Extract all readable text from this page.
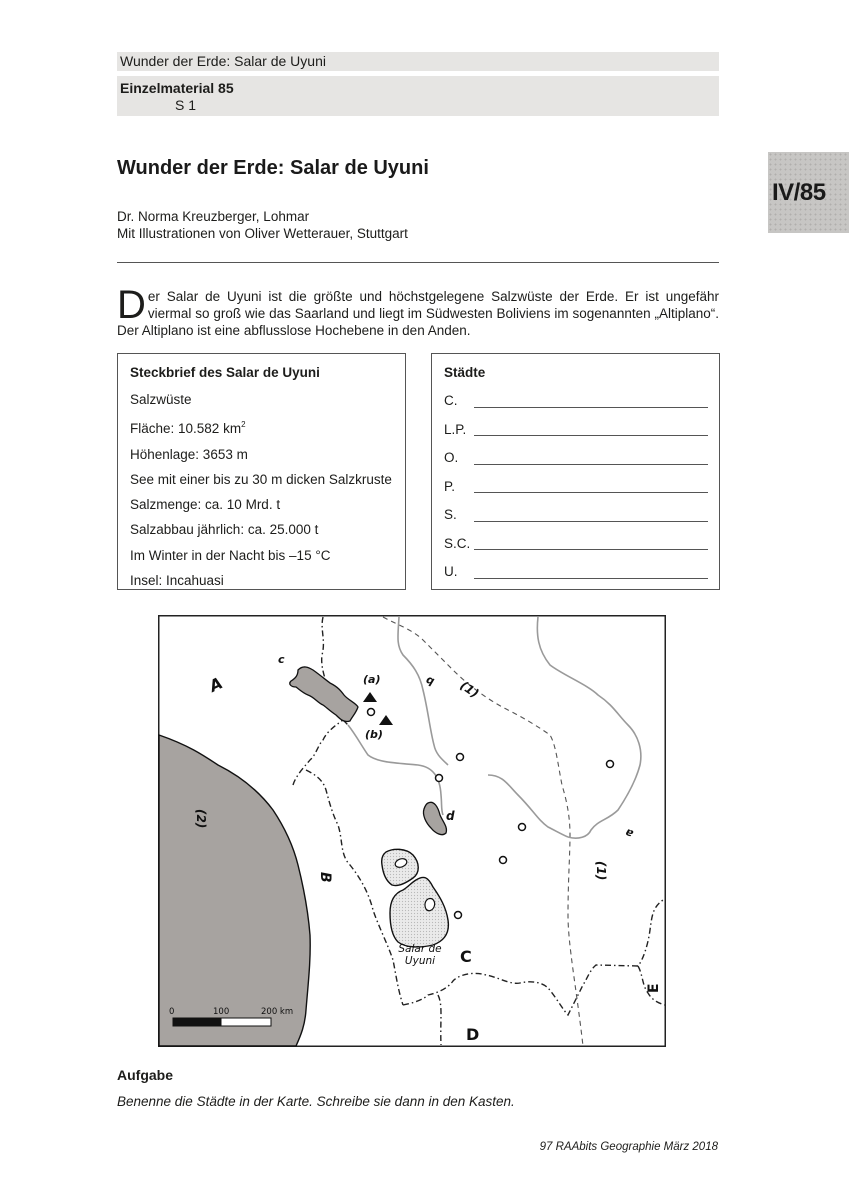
Wunder der Erde: Salar de Uyuni
Einzelmaterial 85
S 1
IV/85
Wunder der Erde: Salar de Uyuni
Dr. Norma Kreuzberger, Lohmar
Mit Illustrationen von Oliver Wetterauer, Stuttgart
Der Salar de Uyuni ist die größte und höchstgelegene Salzwüste der Erde. Er ist ungefähr viermal so groß wie das Saarland und liegt im Südwesten Boliviens im sogenannten „Altiplano“. Der Altiplano ist eine abflusslose Hochebene in den Anden.
Steckbrief des Salar de Uyuni
Salzwüste
Fläche: 10.582 $km^2$
Höhenlage: 3653 m
See mit einer bis zu 30 m dicken Salzkruste
Salzmenge: ca. 10 Mrd. t
Salzabbau jährlich: ca. 25.000 t
Im Winter in der Nacht bis –15 °C
Insel: Incahuasi
Städte
C.
L.P.
O.
P.
S.
S.C.
U.
0	100	200 km
A
B
C
D
E
c
d
b
a
(a)
(b)
(1)
(1)
(2)
Salar de
Uyuni
Aufgabe
Benenne die Städte in der Karte. Schreibe sie dann in den Kasten.
97 RAAbits Geographie März 2018
